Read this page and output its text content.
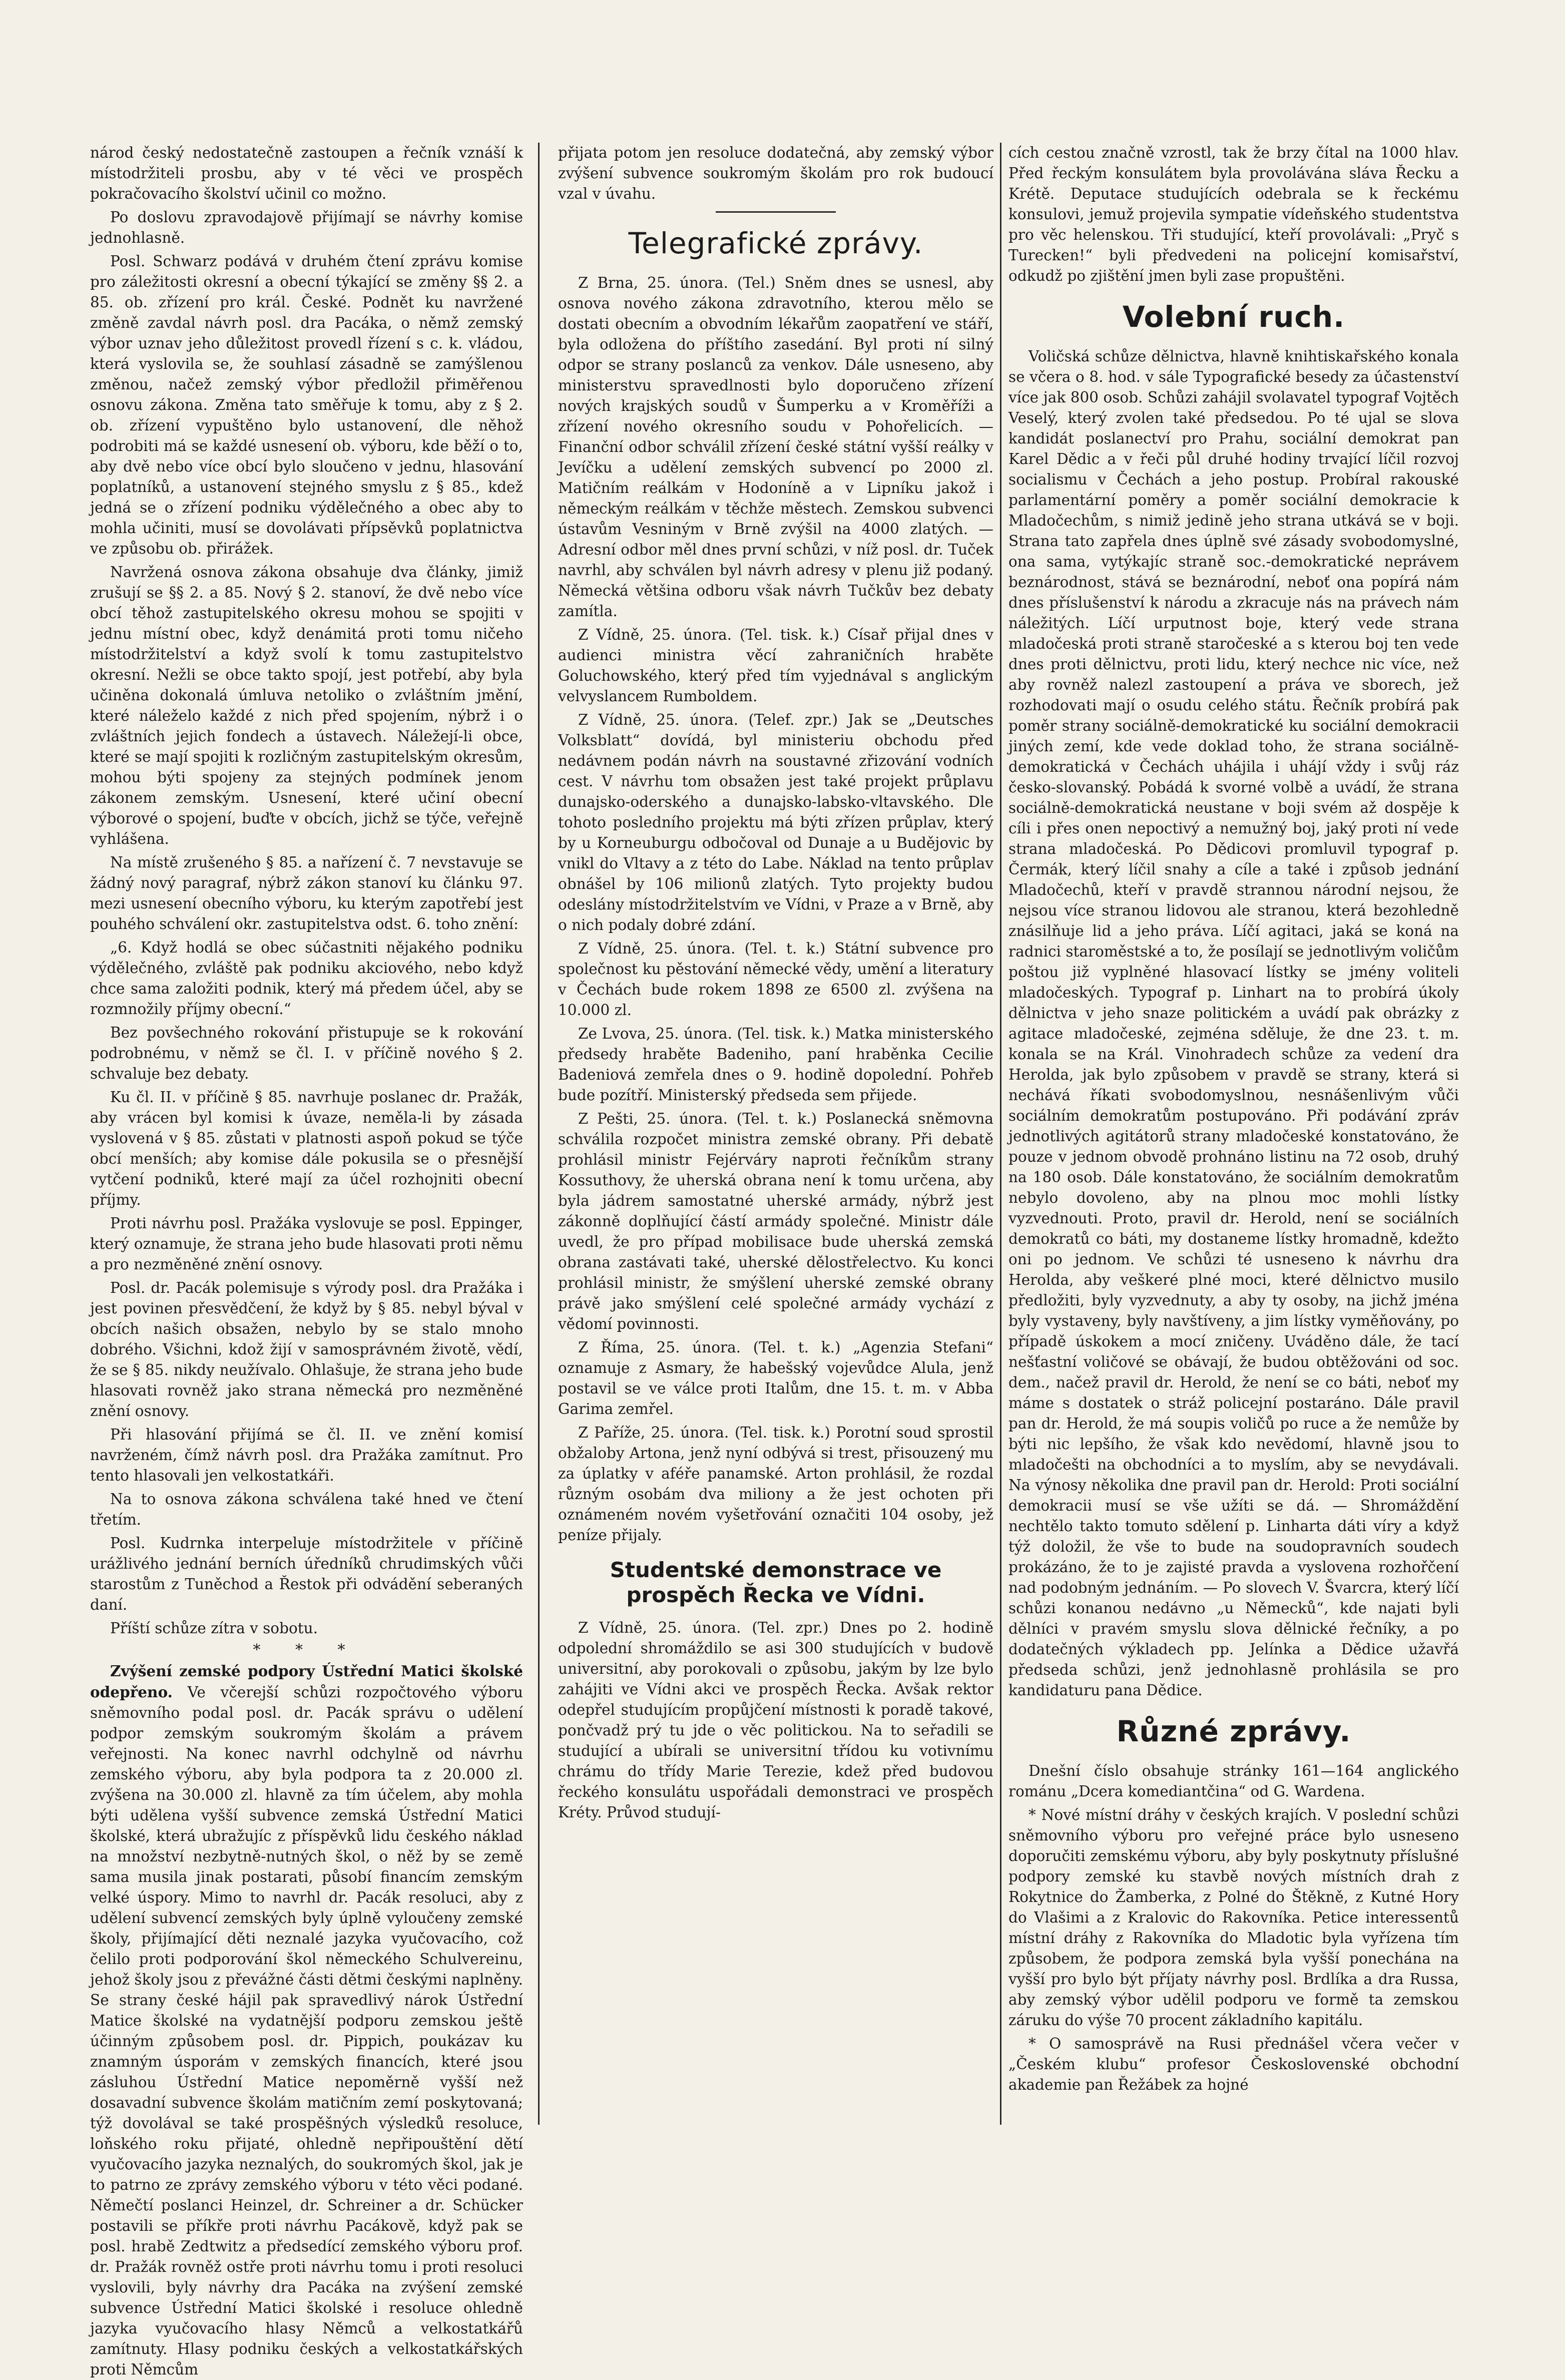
národ český nedostatečně zastoupen a řečník vznáší k místodržiteli prosbu, aby v té věci ve prospěch pokračovacího školství učinil co možno.

Po doslovu zpravodajově přijímají se návrhy komise jednohlasně.

Posl. Schwarz podává v druhém čtení zprávu komise pro záležitosti okresní a obecní týkající se změny §§ 2. a 85. ob. zřízení pro král. České. Podnět ku navržené změně zavdal návrh posl. dra Pacáka, o němž zemský výbor uznav jeho důležitost provedl řízení s c. k. vládou, která vyslovila se, že souhlasí zásadně se zamýšlenou změnou, načež zemský výbor předložil přiměřenou osnovu zákona. Změna tato směřuje k tomu, aby z § 2. ob. zřízení vypuštěno bylo ustanovení, dle něhož podrobiti má se každé usnesení ob. výboru, kde běží o to, aby dvě nebo více obcí bylo sloučeno v jednu, hlasování poplatníků, a ustanovení stejného smyslu z § 85., kdež jedná se o zřízení podniku výdělečného a obec aby to mohla učiniti, musí se dovolávati přípsěvků poplatnictva ve způsobu ob. přirážek.

Navržená osnova zákona obsahuje dva články, jimiž zrušují se §§ 2. a 85. Nový § 2. stanoví, že dvě nebo více obcí těhož zastupitelského okresu mohou se spojiti v jednu místní obec, když denámitá proti tomu ničeho místodržitelství a když svolí k tomu zastupitelstvo okresní. Nežli se obce takto spojí, jest potřebí, aby byla učiněna dokonalá úmluva netoliko o zvláštním jmění, které náleželo každé z nich před spojením, nýbrž i o zvláštních jejich fondech a ústavech. Náležejí-li obce, které se mají spojiti k rozličným zastupitelským okresům, mohou býti spojeny za stejných podmínek jenom zákonem zemským. Usnesení, které učiní obecní výborové o spojení, buďte v obcích, jichž se týče, veřejně vyhlášena.

Na místě zrušeného § 85. a nařízení č. 7 nevstavuje se žádný nový paragraf, nýbrž zákon stanoví ku článku 97. mezi usnesení obecního výboru, ku kterým zapotřebí jest pouhého schválení okr. zastupitelstva odst. 6. toho znění:

„6. Když hodlá se obec súčastniti nějakého podniku výdělečného, zvláště pak podniku akciového, nebo když chce sama založiti podnik, který má předem účel, aby se rozmnožily příjmy obecní.“

Bez povšechného rokování přistupuje se k rokování podrobnému, v němž se čl. I. v příčině nového § 2. schvaluje bez debaty.

Ku čl. II. v příčině § 85. navrhuje poslanec dr. Pražák, aby vrácen byl komisi k úvaze, neměla-li by zásada vyslovená v § 85. zůstati v platnosti aspoň pokud se týče obcí menších; aby komise dále pokusila se o přesnější vytčení podniků, které mají za účel rozhojniti obecní příjmy.

Proti návrhu posl. Pražáka vyslovuje se posl. Eppinger, který oznamuje, že strana jeho bude hlasovati proti němu a pro nezměněné znění osnovy.

Posl. dr. Pacák polemisuje s výrody posl. dra Pražáka i jest povinen přesvědčení, že když by § 85. nebyl býval v obcích našich obsažen, nebylo by se stalo mnoho dobrého. Všichni, kdož žijí v samosprávném životě, vědí, že se § 85. nikdy neužívalo. Ohlašuje, že strana jeho bude hlasovati rovněž jako strana německá pro nezměněné znění osnovy.

Při hlasování přijímá se čl. II. ve znění komisí navrženém, čímž návrh posl. dra Pražáka zamítnut. Pro tento hlasovali jen velkostatkáři.

Na to osnova zákona schválena také hned ve čtení třetím.

Posl. Kudrnka interpeluje místodržitele v příčině urážlivého jednání berních úředníků chrudimských vůči starostům z Tuněchod a Řestok při odvádění seberaných daní.

Příští schůze zítra v sobotu.

* * *

Zvýšení zemské podpory Ústřední Matici školské odepřeno. Ve včerejší schůzi rozpočtového výboru sněmovního podal posl. dr. Pacák správu o udělení podpor zemským soukromým školám a právem veřejnosti. Na konec navrhl odchylně od návrhu zemského výboru, aby byla podpora ta z 20.000 zl. zvýšena na 30.000 zl. hlavně za tím účelem, aby mohla býti udělena vyšší subvence zemská Ústřední Matici školské, která ubražujíc z příspěvků lidu českého náklad na množství nezbytně-nutných škol, o něž by se země sama musila jinak postarati, působí financím zemským velké úspory. Mimo to navrhl dr. Pacák resoluci, aby z udělení subvencí zemských byly úplně vyloučeny zemské školy, přijímající děti neznalé jazyka vyučovacího, což čelilo proti podporování škol německého Schulvereinu, jehož školy jsou z převážné části dětmi českými naplněny. Se strany české hájil pak spravedlivý nárok Ústřední Matice školské na vydatnější podporu zemskou ještě účinným způsobem posl. dr. Pippich, poukázav ku znamným úsporám v zemských financích, které jsou zásluhou Ústřední Matice nepoměrně vyšší než dosavadní subvence školám matičním zemí poskytovaná; týž dovolával se také prospěšných výsledků resoluce, loňského roku přijaté, ohledně nepřipouštění dětí vyučovacího jazyka neznalých, do soukromých škol, jak je to patrno ze zprávy zemského výboru v této věci podané. Němečtí poslanci Heinzel, dr. Schreiner a dr. Schücker postavili se příkře proti návrhu Pacákově, když pak se posl. hrabě Zedtwitz a předsedící zemského výboru prof. dr. Pražák rovněž ostře proti návrhu tomu i proti resoluci vyslovili, byly návrhy dra Pacáka na zvýšení zemské subvence Ústřední Matici školské i resoluce ohledně jazyka vyučovacího hlasy Němců a velkostatkářů zamítnuty. Hlasy podniku českých a velkostatkářských proti Němcům

přijata potom jen resoluce dodatečná, aby zemský výbor zvýšení subvence soukromým školám pro rok budoucí vzal v úvahu.

Telegrafické zprávy.

Z Brna, 25. února. (Tel.) Sněm dnes se usnesl, aby osnova nového zákona zdravotního, kterou mělo se dostati obecním a obvodním lékařům zaopatření ve stáří, byla odložena do příštího zasedání. Byl proti ní silný odpor se strany poslanců za venkov. Dále usneseno, aby ministerstvu spravedlnosti bylo doporučeno zřízení nových krajských soudů v Šumperku a v Kroměříži a zřízení nového okresního soudu v Pohořelicích. — Finanční odbor schválil zřízení české státní vyšší reálky v Jevíčku a udělení zemských subvencí po 2000 zl. Matičním reálkám v Hodoníně a v Lipníku jakož i německým reálkám v těchže městech. Zemskou subvenci ústavům Vesniným v Brně zvýšil na 4000 zlatých. — Adresní odbor měl dnes první schůzi, v níž posl. dr. Tuček navrhl, aby schválen byl návrh adresy v plenu již podaný. Německá většina odboru však návrh Tučkův bez debaty zamítla.

Z Vídně, 25. února. (Tel. tisk. k.) Císař přijal dnes v audienci ministra věcí zahraničních hraběte Goluchowského, který před tím vyjednával s anglickým velvyslancem Rumboldem.

Z Vídně, 25. února. (Telef. zpr.) Jak se „Deutsches Volksblatt“ dovídá, byl ministeriu obchodu před nedávnem podán návrh na soustavné zřizování vodních cest. V návrhu tom obsažen jest také projekt průplavu dunajsko-oderského a dunajsko-labsko-vltavského. Dle tohoto posledního projektu má býti zřízen průplav, který by u Korneuburgu odbočoval od Dunaje a u Budějovic by vnikl do Vltavy a z této do Labe. Náklad na tento průplav obnášel by 106 milionů zlatých. Tyto projekty budou odeslány místodržitelstvím ve Vídni, v Praze a v Brně, aby o nich podaly dobré zdání.

Z Vídně, 25. února. (Tel. t. k.) Státní subvence pro společnost ku pěstování německé vědy, umění a literatury v Čechách bude rokem 1898 ze 6500 zl. zvýšena na 10.000 zl.

Ze Lvova, 25. února. (Tel. tisk. k.) Matka ministerského předsedy hraběte Badeniho, paní hraběnka Cecilie Badeniová zemřela dnes o 9. hodině dopolední. Pohřeb bude pozítří. Ministerský předseda sem přijede.

Z Pešti, 25. února. (Tel. t. k.) Poslanecká sněmovna schválila rozpočet ministra zemské obrany. Při debatě prohlásil ministr Fejérváry naproti řečníkům strany Kossuthovy, že uherská obrana není k tomu určena, aby byla jádrem samostatné uherské armády, nýbrž jest zákonně doplňující částí armády společné. Ministr dále uvedl, že pro případ mobilisace bude uherská zemská obrana zastávati také, uherské dělostřelectvo. Ku konci prohlásil ministr, že smýšlení uherské zemské obrany právě jako smýšlení celé společné armády vychází z vědomí povinnosti.

Z Říma, 25. února. (Tel. t. k.) „Agenzia Stefani“ oznamuje z Asmary, že habešský vojevůdce Alula, jenž postavil se ve válce proti Italům, dne 15. t. m. v Abba Garima zemřel.

Z Paříže, 25. února. (Tel. tisk. k.) Porotní soud sprostil obžaloby Artona, jenž nyní odbývá si trest, přisouzený mu za úplatky v aféře panamské. Arton prohlásil, že rozdal různým osobám dva miliony a že jest ochoten při oznámeném novém vyšetřování označiti 104 osoby, jež peníze přijaly.

Studentské demonstrace ve prospěch Řecka ve Vídni.

Z Vídně, 25. února. (Tel. zpr.) Dnes po 2. hodině odpolední shromáždilo se asi 300 studujících v budově universitní, aby porokovali o způsobu, jakým by lze bylo zahájiti ve Vídni akci ve prospěch Řecka. Avšak rektor odepřel studujícím propůjčení místnosti k poradě takové, pončvadž prý tu jde o věc politickou. Na to seřadili se studující a ubírali se universitní třídou ku votivnímu chrámu do třídy Marie Terezie, kdež před budovou řeckého konsulátu uspořádali demonstraci ve prospěch Kréty. Průvod studují-

cích cestou značně vzrostl, tak že brzy čítal na 1000 hlav. Před řeckým konsulátem byla provolávána sláva Řecku a Krétě. Deputace studujících odebrala se k řeckému konsulovi, jemuž projevila sympatie vídeňského studentstva pro věc helenskou. Tři studující, kteří provolávali: „Pryč s Turecken!“ byli předvedeni na policejní komisařství, odkudž po zjištění jmen byli zase propuštěni.

Volební ruch.

Voličská schůze dělnictva, hlavně knihtiskařského konala se včera o 8. hod. v sále Typografické besedy za účastenství více jak 800 osob. Schůzi zahájil svolavatel typograf Vojtěch Veselý, který zvolen také předsedou. Po té ujal se slova kandidát poslanectví pro Prahu, sociální demokrat pan Karel Dědic a v řeči půl druhé hodiny trvající líčil rozvoj socialismu v Čechách a jeho postup. Probíral rakouské parlamentární poměry a poměr sociální demokracie k Mladočechům, s nimiž jedině jeho strana utkává se v boji. Strana tato zapřela dnes úplně své zásady svobodomyslné, ona sama, vytýkajíc straně soc.-demokratické neprávem beznárodnost, stává se beznárodní, neboť ona popírá nám dnes příslušenství k národu a zkracuje nás na právech nám náležitých. Líčí urputnost boje, který vede strana mladočeská proti straně staročeské a s kterou boj ten vede dnes proti dělnictvu, proti lidu, který nechce nic více, než aby rovněž nalezl zastoupení a práva ve sborech, jež rozhodovati mají o osudu celého státu. Řečník probírá pak poměr strany sociálně-demokratické ku sociální demokracii jiných zemí, kde vede doklad toho, že strana sociálně-demokratická v Čechách uhájila i uhájí vždy i svůj ráz česko-slovanský. Pobádá k svorné volbě a uvádí, že strana sociálně-demokratická neustane v boji svém až dospěje k cíli i přes onen nepoctivý a nemužný boj, jaký proti ní vede strana mladočeská. Po Dědicovi promluvil typograf p. Čermák, který líčil snahy a cíle a také i způsob jednání Mladočechů, kteří v pravdě strannou národní nejsou, že nejsou více stranou lidovou ale stranou, která bezohledně znásilňuje lid a jeho práva. Líčí agitaci, jaká se koná na radnici staroměstské a to, že posílají se jednotlivým voličům poštou již vyplněné hlasovací lístky se jmény voliteli mladočeských. Typograf p. Linhart na to probírá úkoly dělnictva v jeho snaze politickém a uvádí pak obrázky z agitace mladočeské, zejména sděluje, že dne 23. t. m. konala se na Král. Vinohradech schůze za vedení dra Herolda, jak bylo způsobem v pravdě se strany, která si nechává říkati svobodomyslnou, nesnášenlivým vůči sociálním demokratům postupováno. Při podávání zpráv jednotlivých agitátorů strany mladočeské konstatováno, že pouze v jednom obvodě prohnáno listinu na 72 osob, druhý na 180 osob. Dále konstatováno, že sociálním demokratům nebylo dovoleno, aby na plnou moc mohli lístky vyzvednouti. Proto, pravil dr. Herold, není se sociálních demokratů co báti, my dostaneme lístky hromadně, kdežto oni po jednom. Ve schůzi té usneseno k návrhu dra Herolda, aby veškeré plné moci, které dělnictvo musilo předložiti, byly vyzvednuty, a aby ty osoby, na jichž jména byly vystaveny, byly navštíveny, a jim lístky vyměňovány, po případě úskokem a mocí zničeny. Uváděno dále, že tací nešťastní voličové se obávají, že budou obtěžováni od soc. dem., načež pravil dr. Herold, že není se co báti, neboť my máme s dostatek o stráž policejní postaráno. Dále pravil pan dr. Herold, že má soupis voličů po ruce a že nemůže by býti nic lepšího, že však kdo nevědomí, hlavně jsou to mladočešti na obchodníci a to myslím, aby se nevydávali. Na výnosy několika dne pravil pan dr. Herold: Proti sociální demokracii musí se vše užíti se dá. — Shromáždění nechtělo takto tomuto sdělení p. Linharta dáti víry a když týž doložil, že vše to bude na soudopravních soudech prokázáno, že to je zajisté pravda a vyslovena rozhořčení nad podobným jednáním. — Po slovech V. Švarcra, který líčí schůzi konanou nedávno „u Německů“, kde najati byli dělníci v pravém smyslu slova dělnické řečníky, a po dodatečných výkladech pp. Jelínka a Dědice užavřá předseda schůzi, jenž jednohlasně prohlásila se pro kandidaturu pana Dědice.

Různé zprávy.

Dnešní číslo obsahuje stránky 161—164 anglického románu „Dcera komediantčina“ od G. Wardena.

* Nové místní dráhy v českých krajích. V poslední schůzi sněmovního výboru pro veřejné práce bylo usneseno doporučiti zemskému výboru, aby byly poskytnuty příslušné podpory zemské ku stavbě nových místních drah z Rokytnice do Žamberka, z Polné do Štěkně, z Kutné Hory do Vlašimi a z Kralovic do Rakovníka. Petice interessentů místní dráhy z Rakovníka do Mladotic byla vyřízena tím způsobem, že podpora zemská byla vyšší ponechána na vyšší pro bylo být příjaty návrhy posl. Brdlíka a dra Russa, aby zemský výbor udělil podporu ve formě ta zemskou záruku do výše 70 procent základního kapitálu.

* O samosprávě na Rusi přednášel včera večer v „Českém klubu“ profesor Československé obchodní akademie pan Řežábek za hojné
